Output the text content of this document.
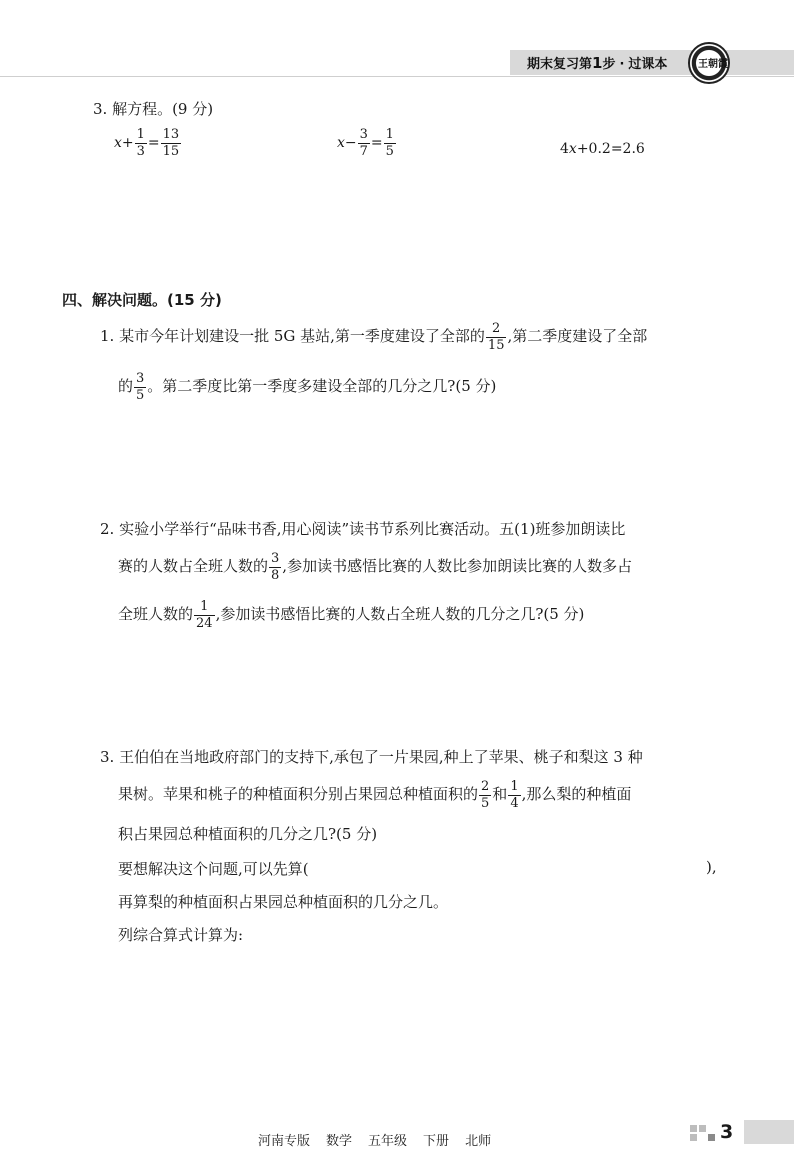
期末复习第1步 · 过课本	王朝霞
3. 解方程。(9 分)
$x+ \frac{1}{3} = \frac{13}{15}$	$x- \frac{3}{7} = \frac{1}{5}$	4x+0.2=2.6
四、解决问题。(15 分)
1. 某市今年计划建设一批 5G 基站,第一季度建设了全部的 $\frac{2}{15}$ ,第二季度建设了全部
的 $\frac{3}{5}$ 。第二季度比第一季度多建设全部的几分之几?(5 分)
2. 实验小学举行“品味书香,用心阅读”读书节系列比赛活动。五(1)班参加朗读比
赛的人数占全班人数的 $\frac{3}{8}$ ,参加读书感悟比赛的人数比参加朗读比赛的人数多占
全班人数的 $\frac{1}{24}$ ,参加读书感悟比赛的人数占全班人数的几分之几?(5 分)
3. 王伯伯在当地政府部门的支持下,承包了一片果园,种上了苹果、桃子和梨这 3 种
果树。苹果和桃子的种植面积分别占果园总种植面积的 $\frac{2}{5}$ 和 $\frac{1}{4}$ ,那么梨的种植面
积占果园总种植面积的几分之几?(5 分)
要想解决这个问题,可以先算(	),
再算梨的种植面积占果园总种植面积的几分之几。
列综合算式计算为:
河南专版 数学 五年级 下册 北师	3
